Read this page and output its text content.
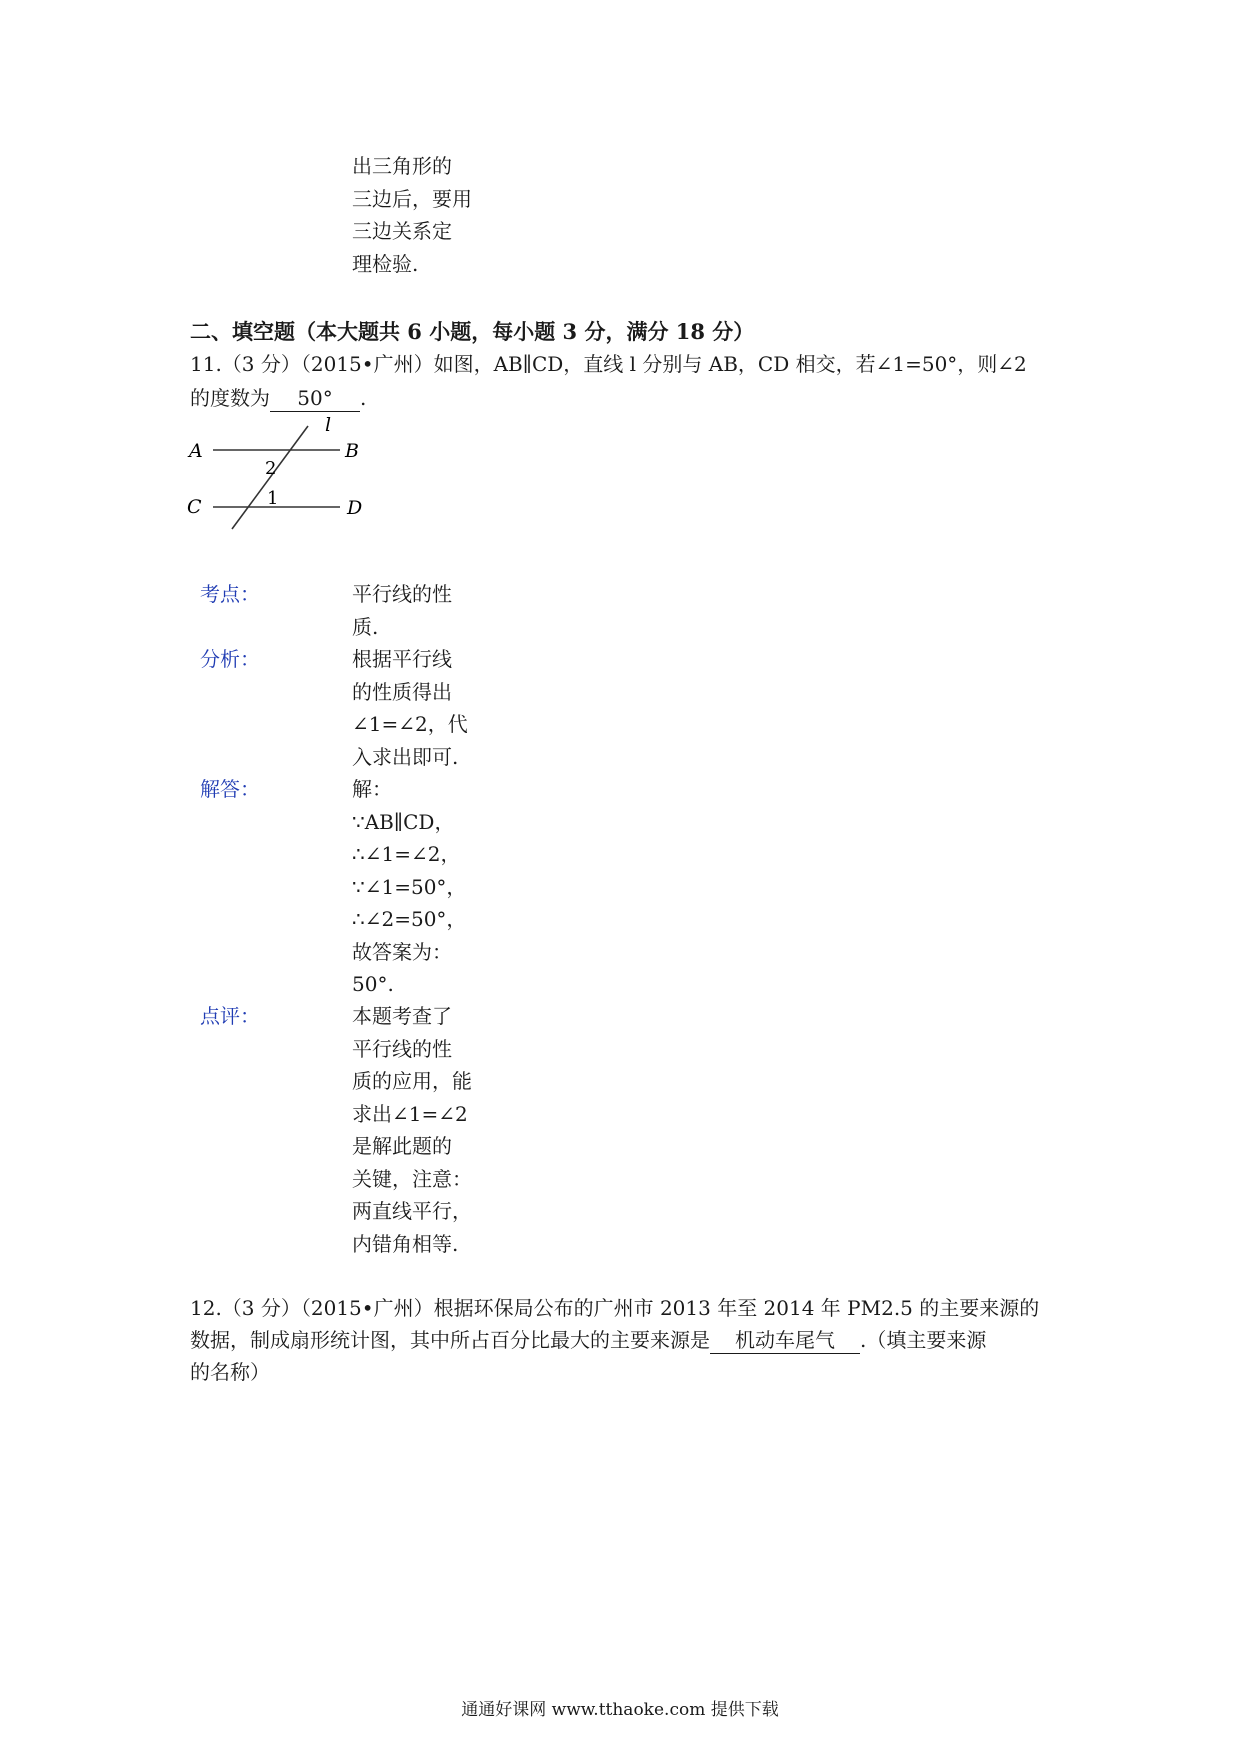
出三角形的
三边后，要用
三边关系定
理检验.
二、填空题（本大题共 6 小题，每小题 3 分，满分 18 分）
11.（3 分）（2015•广州）如图，AB∥CD，直线 l 分别与 AB，CD 相交，若∠1=50°，则∠2
的度数为 50° .
A	B
C	D
l
2
1
考点：	平行线的性
质.
分析：	根据平行线
的性质得出
∠1=∠2，代
入求出即可.
解答：	解：
∵AB∥CD，
∴∠1=∠2，
∵∠1=50°，
∴∠2=50°，
故答案为：
50°.
点评：	本题考查了
平行线的性
质的应用，能
求出∠1=∠2
是解此题的
关键，注意：
两直线平行，
内错角相等.
12.（3 分）（2015•广州）根据环保局公布的广州市 2013 年至 2014 年 PM2.5 的主要来源的
数据，制成扇形统计图，其中所占百分比最大的主要来源是 机动车尾气 .（填主要来源
的名称）
通通好课网 www.tthaoke.com 提供下载
